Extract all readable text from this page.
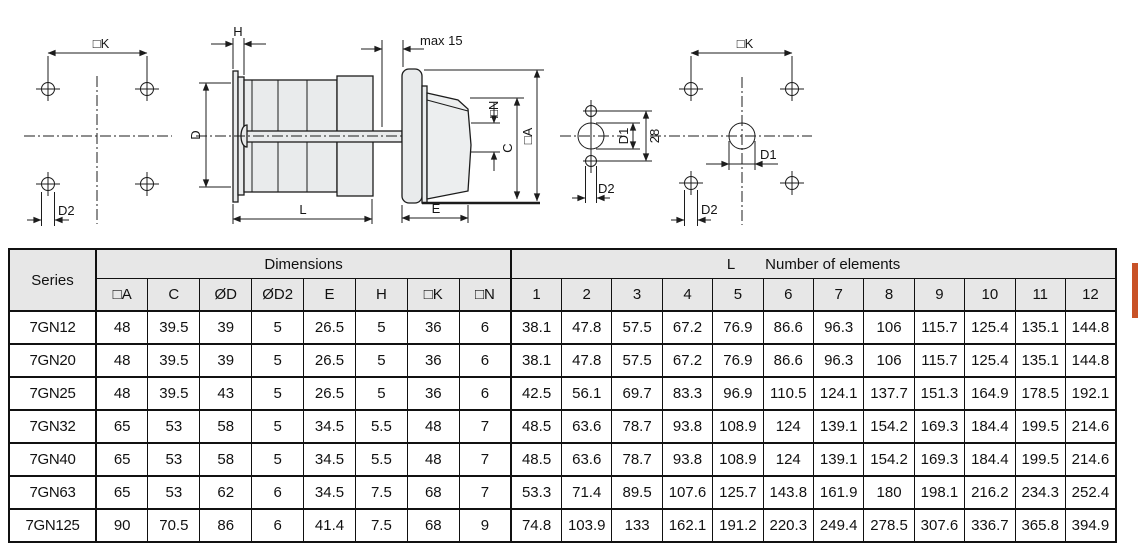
□K
D2
H
max 15
D
L	E
□N
C
□A	D1 28
D2
□K
D1
D2
Series	Dimensions								L Number of elements											
	□A	C	ØD	ØD2	E	H	□K	□N	1	2	3	4	5	6	7	8	9	10	11	12
7GN12	48	39.5	39	5	26.5	5	36	6	38.1	47.8	57.5	67.2	76.9	86.6	96.3	106	115.7	125.4	135.1	144.8
7GN20	48	39.5	39	5	26.5	5	36	6	38.1	47.8	57.5	67.2	76.9	86.6	96.3	106	115.7	125.4	135.1	144.8
7GN25	48	39.5	43	5	26.5	5	36	6	42.5	56.1	69.7	83.3	96.9	110.5	124.1	137.7	151.3	164.9	178.5	192.1
7GN32	65	53	58	5	34.5	5.5	48	7	48.5	63.6	78.7	93.8	108.9	124	139.1	154.2	169.3	184.4	199.5	214.6
7GN40	65	53	58	5	34.5	5.5	48	7	48.5	63.6	78.7	93.8	108.9	124	139.1	154.2	169.3	184.4	199.5	214.6
7GN63	65	53	62	6	34.5	7.5	68	7	53.3	71.4	89.5	107.6	125.7	143.8	161.9	180	198.1	216.2	234.3	252.4
7GN125	90	70.5	86	6	41.4	7.5	68	9	74.8	103.9	133	162.1	191.2	220.3	249.4	278.5	307.6	336.7	365.8	394.9
